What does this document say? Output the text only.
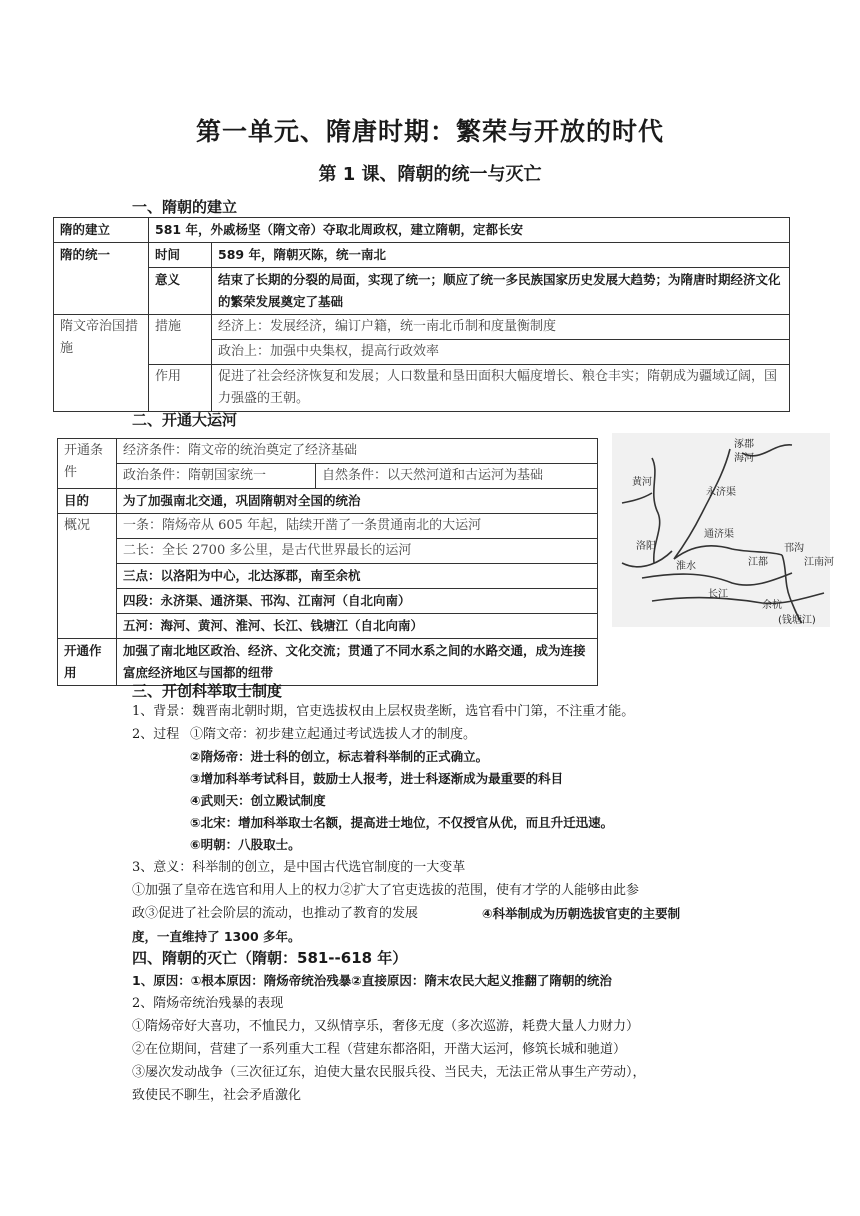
第一单元、隋唐时期：繁荣与开放的时代
第 1 课、隋朝的统一与灭亡
一、隋朝的建立
隋的建立	581 年，外戚杨坚（隋文帝）夺取北周政权，建立隋朝，定都长安	
隋的统一	时间	589 年，隋朝灭陈，统一南北
	意义	结束了长期的分裂的局面，实现了统一；顺应了统一多民族国家历史发展大趋势；为隋唐时期经济文化的繁荣发展奠定了基础
隋文帝治国措施	措施	经济上：发展经济，编订户籍，统一南北币制和度量衡制度
		政治上：加强中央集权，提高行政效率
	作用	促进了社会经济恢复和发展；人口数量和垦田面积大幅度增长、粮仓丰实；隋朝成为疆域辽阔，国力强盛的王朝。
二、开通大运河
开通条件	经济条件：隋文帝的统治奠定了经济基础	
	政治条件：隋朝国家统一	自然条件：以天然河道和古运河为基础
目的	为了加强南北交通，巩固隋朝对全国的统治	
概况	一条：隋炀帝从 605 年起，陆续开凿了一条贯通南北的大运河	
	二长：全长 2700 多公里，是古代世界最长的运河	
	三点：以洛阳为中心，北达涿郡，南至余杭	
	四段：永济渠、通济渠、邗沟、江南河（自北向南）	
	五河：海河、黄河、淮河、长江、钱塘江（自北向南）	
开通作用	加强了南北地区政治、经济、文化交流；贯通了不同水系之间的水路交通，成为连接富庶经济地区与国都的纽带	
涿郡
海河
黄河
永济渠
洛阳
通济渠
淮水	江都
邗沟
江南河
长江
余杭
(钱塘江)
三、开创科举取士制度
1、背景：魏晋南北朝时期，官吏选拔权由上层权贵垄断，选官看中门第，不注重才能。
2、过程 ①隋文帝：初步建立起通过考试选拔人才的制度。
②隋炀帝：进士科的创立，标志着科举制的正式确立。
③增加科举考试科目，鼓励士人报考，进士科逐渐成为最重要的科目
④武则天：创立殿试制度
⑤北宋：增加科举取士名额，提高进士地位，不仅授官从优，而且升迁迅速。
⑥明朝：八股取士。
3、意义：科举制的创立，是中国古代选官制度的一大变革
①加强了皇帝在选官和用人上的权力②扩大了官吏选拔的范围，使有才学的人能够由此参
政③促进了社会阶层的流动，也推动了教育的发展	④科举制成为历朝选拔官吏的主要制
度，一直维持了 1300 多年。
四、隋朝的灭亡（隋朝：581--618 年）
1、原因：①根本原因：隋炀帝统治残暴②直接原因：隋末农民大起义推翻了隋朝的统治
2、隋炀帝统治残暴的表现
①隋炀帝好大喜功，不恤民力，又纵情享乐，奢侈无度（多次巡游，耗费大量人力财力）
②在位期间，营建了一系列重大工程（营建东都洛阳，开凿大运河，修筑长城和驰道）
③屡次发动战争（三次征辽东，迫使大量农民服兵役、当民夫，无法正常从事生产劳动），
致使民不聊生，社会矛盾激化
